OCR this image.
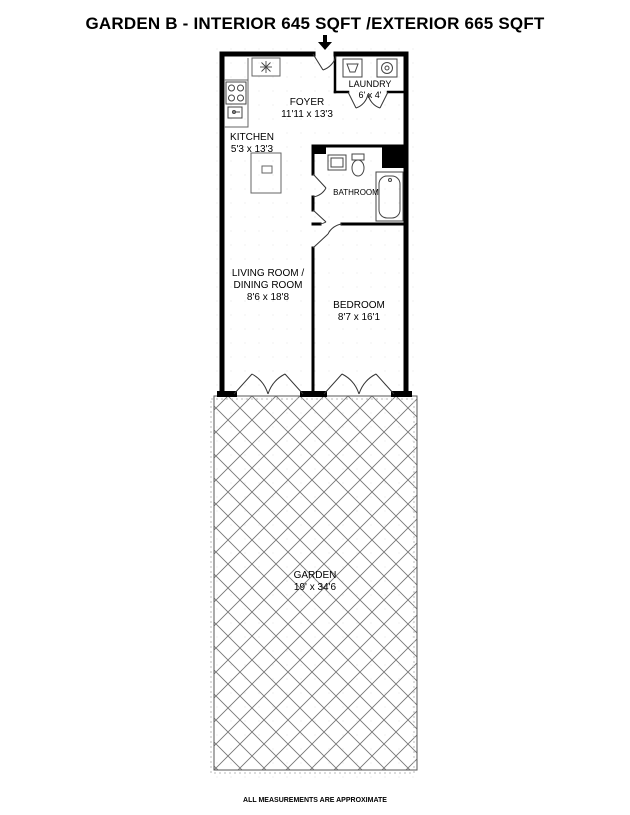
GARDEN B - INTERIOR 645 SQFT /EXTERIOR 665 SQFT
FOYER
11'11 x 13'3
LAUNDRY
6' x 4'
KITCHEN
5'3 x 13'3
BATHROOM
LIVING ROOM /
DINING ROOM
8'6 x 18'8
BEDROOM
8'7 x 16'1
GARDEN
19' x 34'6
ALL MEASUREMENTS ARE APPROXIMATE
